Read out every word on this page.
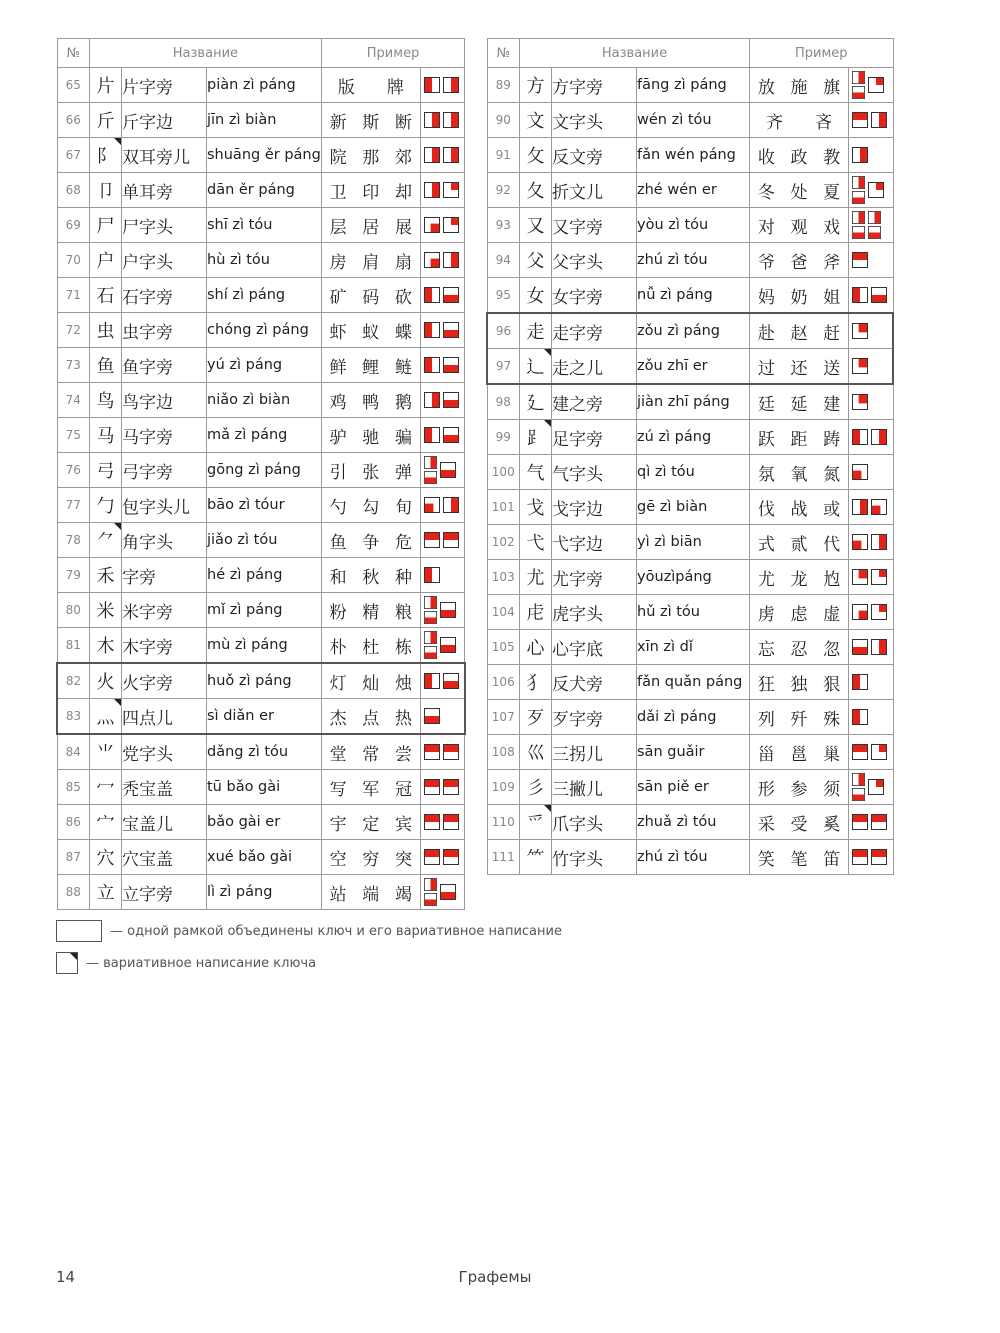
№	Название			Пример	
65	片	片字旁	piàn zì páng	版 牌

66	斤	斤字边	jīn zì biàn	新 斯 断

67	阝	双耳旁儿	shuāng ěr páng	院 那 郊

68	卩	单耳旁	dān ěr páng	卫 印 却

69	尸	尸字头	shī zì tóu	层 居 展

70	户	户字头	hù zì tóu	房 肩 扇

71	石	石字旁	shí zì páng	矿 码 砍

72	虫	虫字旁	chóng zì páng	虾 蚁 蝶

73	鱼	鱼字旁	yú zì páng	鲜 鲤 鲢

74	鸟	鸟字边	niǎo zì biàn	鸡 鸭 鹅

75	马	马字旁	mǎ zì páng	驴 驰 骗

76	弓	弓字旁	gōng zì páng	引 张 弹

77	勹	包字头儿	bāo zì tóur	勺 勾 旬

78	⺈	角字头	jiǎo zì tóu	鱼 争 危

79	禾	字旁	hé zì páng	和 秋 种

80	米	米字旁	mǐ zì páng	粉 精 粮

81	木	木字旁	mù zì páng	朴 杜 栋

82	火	火字旁	huǒ zì páng	灯 灿 烛

83	灬	四点儿	sì diǎn er	杰 点 热

84	⺌	党字头	dǎng zì tóu	堂 常 尝

85	冖	秃宝盖	tū bǎo gài	写 军 冠

86	宀	宝盖儿	bǎo gài er	宇 定 宾

87	穴	穴宝盖	xué bǎo gài	空 穷 突

88	立	立字旁	lì zì páng	站 端 竭

№	Название			Пример	
89	方	方字旁	fāng zì páng	放 施 旗

90	文	文字头	wén zì tóu	齐 吝

91	攵	反文旁	fǎn wén páng	收 政 教

92	夂	折文儿	zhé wén er	冬 处 夏

93	又	又字旁	yòu zì tóu	对 观 戏

94	父	父字头	zhú zì tóu	爷 爸 斧

95	女	女字旁	nǚ zì páng	妈 奶 姐

96	走	走字旁	zǒu zì páng	赴 赵 赶

97	辶	走之儿	zǒu zhī er	过 还 送

98	廴	建之旁	jiàn zhī páng	廷 延 建

99	⻊	足字旁	zú zì páng	跃 距 踌

100	气	气字头	qì zì tóu	氛 氧 氮

101	戈	戈字边	gē zì biàn	伐 战 或

102	弋	弋字边	yì zì biān	式 贰 代

103	尤	尤字旁	yōuzìpáng	尤 龙 尥

104	虍	虎字头	hǔ zì tóu	虏 虑 虚

105	心	心字底	xīn zì dǐ	忘 忍 忽

106	犭	反犬旁	fǎn quǎn páng	狂 独 狠

107	歹	歹字旁	dǎi zì páng	列 歼 殊

108	巛	三拐儿	sān guǎir	甾 邕 巢

109	彡	三撇儿	sān piě er	形 参 须

110	爫	爪字头	zhuǎ zì tóu	采 受 奚

111	⺮	竹字头	zhú zì tóu	笑 笔 笛

— одной рамкой объединены ключ и его вариативное написание
— вариативное написание ключа
14	Графемы
